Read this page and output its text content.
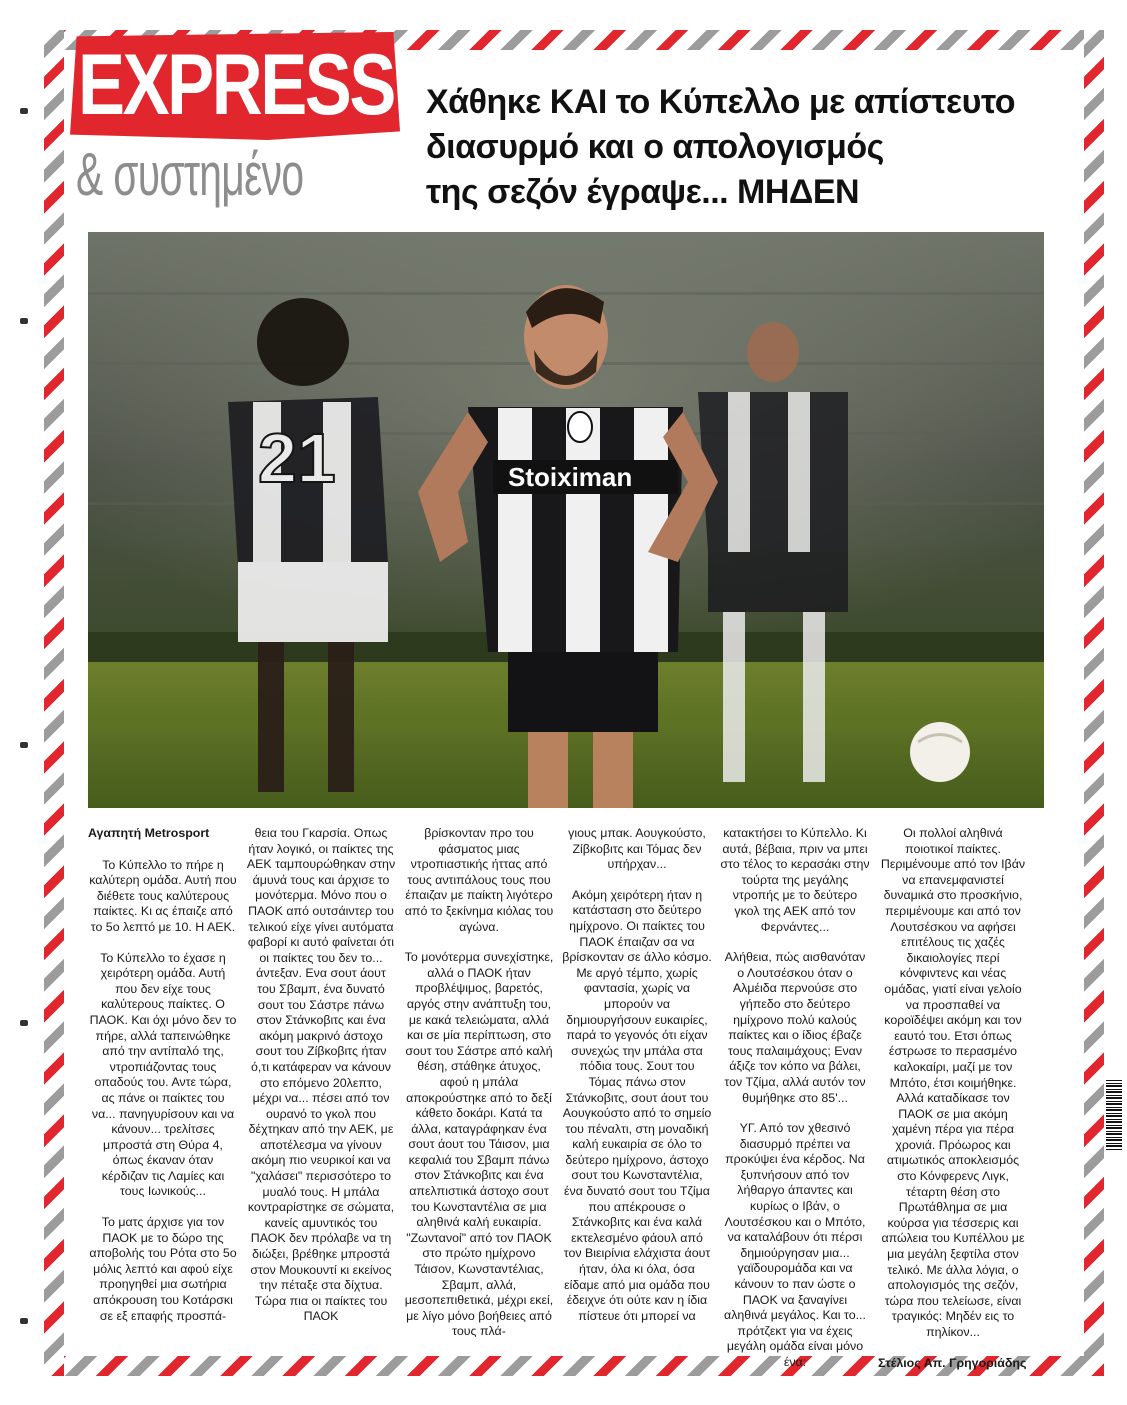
EXPRESS
& συστημένο
Χάθηκε ΚΑΙ το Κύπελλο με απίστευτο
διασυρμό και ο απολογισμός
της σεζόν έγραψε... ΜΗΔΕΝ
21	Stoiximan

Αγαπητή Metrosport

Το Κύπελλο το πήρε η καλύτερη ομάδα. Αυτή που διέθετε τους καλύτερους παίκτες. Κι ας έπαιζε από το 5ο λεπτό με 10. Η ΑΕΚ.

Το Κύπελλο το έχασε η χειρότερη ομάδα. Αυτή που δεν είχε τους καλύτερους παίκτες. Ο ΠΑΟΚ. Και όχι μόνο δεν το πήρε, αλλά ταπεινώθηκε από την αντίπαλό της, ντροπιάζοντας τους οπαδούς του. Αντε τώρα, ας πάνε οι παίκτες του να... πανηγυρίσουν και να κάνουν... τρελίτσες μπροστά στη Θύρα 4, όπως έκαναν όταν κέρδιζαν τις Λαμίες και τους Ιωνικούς...

Το ματς άρχισε για τον ΠΑΟΚ με το δώρο της αποβολής του Ρότα στο 5ο μόλις λεπτό και αφού είχε προηγηθεί μια σωτήρια απόκρουση του Κοτάρσκι σε εξ επαφής προσπά-

θεια του Γκαρσία. Οπως ήταν λογικό, οι παίκτες της ΑΕΚ ταμπουρώθηκαν στην άμυνά τους και άρχισε το μονότερμα. Μόνο που ο ΠΑΟΚ από ουτσάιντερ του τελικού είχε γίνει αυτόματα φαβορί κι αυτό φαίνεται ότι οι παίκτες του δεν το... άντεξαν. Ενα σουτ άουτ του Σβαμπ, ένα δυνατό σουτ του Σάστρε πάνω στον Στάνκοβιτς και ένα ακόμη μακρινό άστοχο σουτ του Ζίβκοβιτς ήταν ό,τι κατάφεραν να κάνουν στο επόμενο 20λεπτο, μέχρι να... πέσει από τον ουρανό το γκολ που δέχτηκαν από την ΑΕΚ, με αποτέλεσμα να γίνουν ακόμη πιο νευρικοί και να "χαλάσει" περισσότερο το μυαλό τους. Η μπάλα κοντραρίστηκε σε σώματα, κανείς αμυντικός του ΠΑΟΚ δεν πρόλαβε να τη διώξει, βρέθηκε μπροστά στον Μουκουντί κι εκείνος την πέταξε στα δίχτυα. Τώρα πια οι παίκτες του ΠΑΟΚ

βρίσκονταν προ του φάσματος μιας ντροπιαστικής ήττας από τους αντιπάλους τους που έπαιζαν με παίκτη λιγότερο από το ξεκίνημα κιόλας του αγώνα.

Το μονότερμα συνεχίστηκε, αλλά ο ΠΑΟΚ ήταν προβλέψιμος, βαρετός, αργός στην ανάπτυξη του, με κακά τελειώματα, αλλά και σε μία περίπτωση, στο σουτ του Σάστρε από καλή θέση, στάθηκε άτυχος, αφού η μπάλα αποκρούστηκε από το δεξί κάθετο δοκάρι. Κατά τα άλλα, καταγράφηκαν ένα σουτ άουτ του Τάισον, μια κεφαλιά του Σβαμπ πάνω στον Στάνκοβιτς και ένα απελπιστικά άστοχο σουτ του Κωνσταντέλια σε μια αληθινά καλή ευκαιρία. "Ζωντανοί" από τον ΠΑΟΚ στο πρώτο ημίχρονο Τάισον, Κωνσταντέλιας, Σβαμπ, αλλά, μεσοπεπιθετικά, μέχρι εκεί, με λίγο μόνο βοήθειες από τους πλά-

γιους μπακ. Αουγκούστο, Ζίβκοβιτς και Τόμας δεν υπήρχαν...

Ακόμη χειρότερη ήταν η κατάσταση στο δεύτερο ημίχρονο. Οι παίκτες του ΠΑΟΚ έπαιζαν σα να βρίσκονταν σε άλλο κόσμο. Με αργό τέμπο, χωρίς φαντασία, χωρίς να μπορούν να δημιουργήσουν ευκαιρίες, παρά το γεγονός ότι είχαν συνεχώς την μπάλα στα πόδια τους. Σουτ του Τόμας πάνω στον Στάνκοβιτς, σουτ άουτ του Αουγκούστο από το σημείο του πέναλτι, στη μοναδική καλή ευκαιρία σε όλο το δεύτερο ημίχρονο, άστοχο σουτ του Κωνσταντέλια, ένα δυνατό σουτ του Τζίμα που απέκρουσε ο Στάνκοβιτς και ένα καλά εκτελεσμένο φάουλ από τον Βιειρίνια ελάχιστα άουτ ήταν, όλα κι όλα, όσα είδαμε από μια ομάδα που έδειχνε ότι ούτε καν η ίδια πίστευε ότι μπορεί να

κατακτήσει το Κύπελλο. Κι αυτά, βέβαια, πριν να μπει στο τέλος το κερασάκι στην τούρτα της μεγάλης ντροπής με το δεύτερο γκολ της ΑΕΚ από τον Φερνάντες...

Αλήθεια, πώς αισθανόταν ο Λουτσέσκου όταν ο Αλμέιδα περνούσε στο γήπεδο στο δεύτερο ημίχρονο πολύ καλούς παίκτες και ο ίδιος έβαζε τους παλαιμάχους; Εναν άξιζε τον κόπο να βάλει, τον Τζίμα, αλλά αυτόν τον θυμήθηκε στο 85'...

ΥΓ. Από τον χθεσινό διασυρμό πρέπει να προκύψει ένα κέρδος. Να ξυπνήσουν από τον λήθαργο άπαντες και κυρίως ο Ιβάν, ο Λουτσέσκου και ο Μπότο, να καταλάβουν ότι πέρσι δημιούργησαν μια... γαϊδουρομάδα και να κάνουν το παν ώστε ο ΠΑΟΚ να ξαναγίνει αληθινά μεγάλος. Και το... πρότζεκτ για να έχεις μεγάλη ομάδα είναι μόνο ένα:

Οι πολλοί αληθινά ποιοτικοί παίκτες. Περιμένουμε από τον Ιβάν να επανεμφανιστεί δυναμικά στο προσκήνιο, περιμένουμε και από τον Λουτσέσκου να αφήσει επιτέλους τις χαζές δικαιολογίες περί κόνφιντενς και νέας ομάδας, γιατί είναι γελοίο να προσπαθεί να κοροϊδέψει ακόμη και τον εαυτό του. Ετσι όπως έστρωσε το περασμένο καλοκαίρι, μαζί με τον Μπότο, έτσι κοιμήθηκε. Αλλά καταδίκασε τον ΠΑΟΚ σε μια ακόμη χαμένη πέρα για πέρα χρονιά. Πρόωρος και ατιμωτικός αποκλεισμός στο Κόνφερενς Λιγκ, τέταρτη θέση στο Πρωτάθλημα σε μια κούρσα για τέσσερις και απώλεια του Κυπέλλου με μια μεγάλη ξεφτίλα στον τελικό. Με άλλα λόγια, ο απολογισμός της σεζόν, τώρα που τελείωσε, είναι τραγικός: Μηδέν εις το πηλίκον...

Στέλιος Απ. Γρηγοριάδης
